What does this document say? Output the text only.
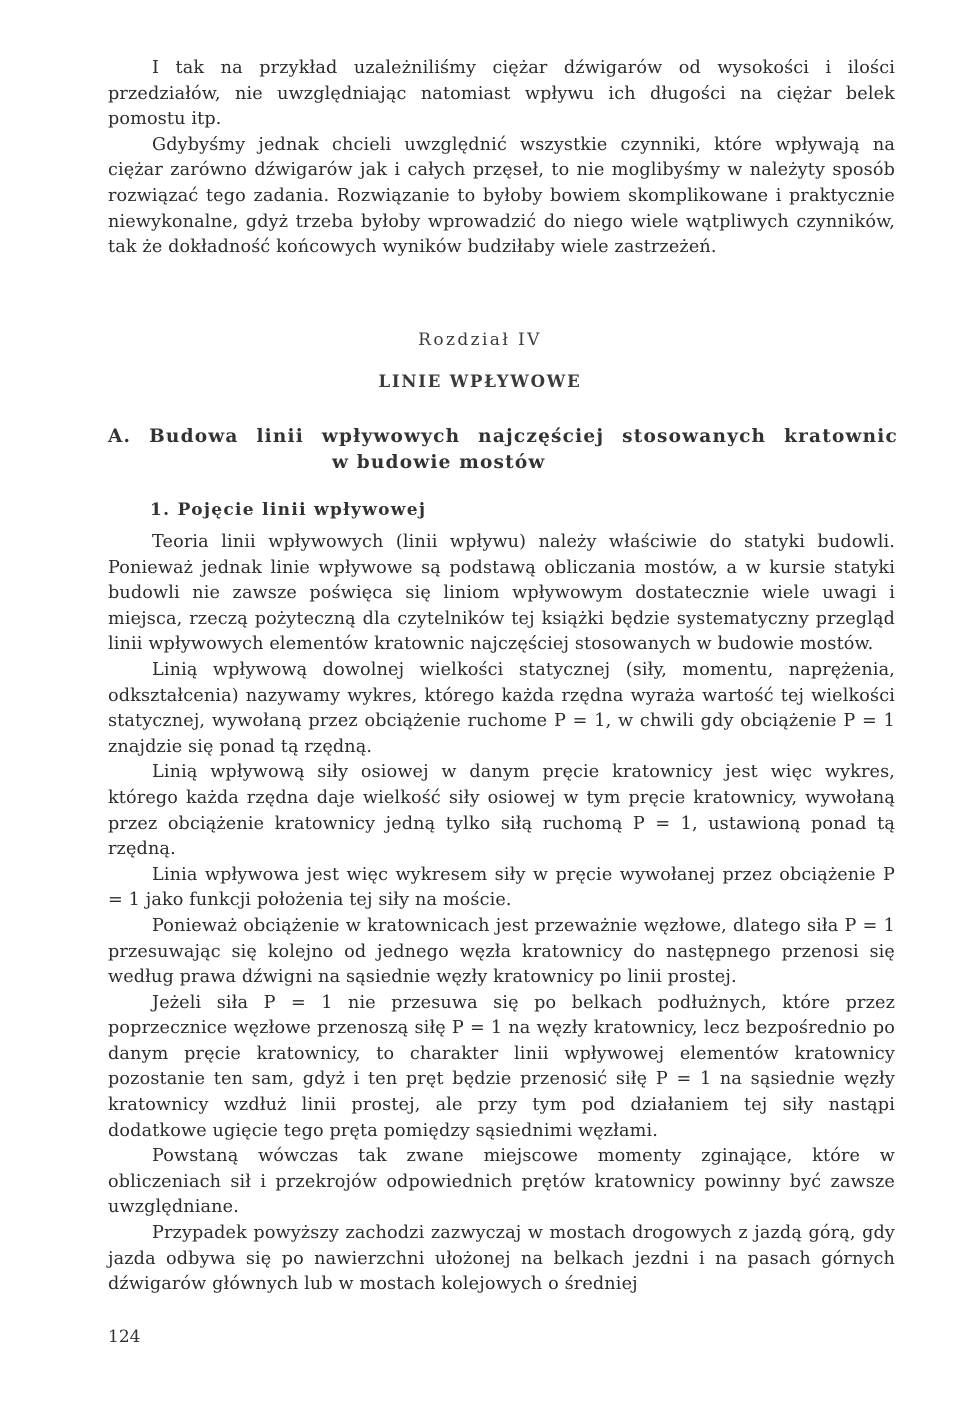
I tak na przykład uzależniliśmy ciężar dźwigarów od wysokości i ilości przedziałów, nie uwzględniając natomiast wpływu ich długości na ciężar belek pomostu itp.

Gdybyśmy jednak chcieli uwzględnić wszystkie czynniki, które wpływają na ciężar zarówno dźwigarów jak i całych przęseł, to nie moglibyśmy w należyty sposób rozwiązać tego zadania. Rozwiązanie to byłoby bowiem skomplikowane i praktycznie niewykonalne, gdyż trzeba byłoby wprowadzić do niego wiele wątpliwych czynników, tak że dokładność końcowych wyników budziłaby wiele zastrzeżeń.

Rozdział IV
LINIE WPŁYWOWE
A. Budowa linii wpływowych najczęściej stosowanych kratownic
w budowie mostów
1. Pojęcie linii wpływowej

Teoria linii wpływowych (linii wpływu) należy właściwie do statyki budowli. Ponieważ jednak linie wpływowe są podstawą obliczania mostów, a w kursie statyki budowli nie zawsze poświęca się liniom wpływowym dostatecznie wiele uwagi i miejsca, rzeczą pożyteczną dla czytelników tej książki będzie systematyczny przegląd linii wpływowych elementów kratownic najczęściej stosowanych w budowie mostów.

Linią wpływową dowolnej wielkości statycznej (siły, momentu, naprężenia, odkształcenia) nazywamy wykres, którego każda rzędna wyraża wartość tej wielkości statycznej, wywołaną przez obciążenie ruchome P = 1, w chwili gdy obciążenie P = 1 znajdzie się ponad tą rzędną.

Linią wpływową siły osiowej w danym pręcie kratownicy jest więc wykres, którego każda rzędna daje wielkość siły osiowej w tym pręcie kratownicy, wywołaną przez obciążenie kratownicy jedną tylko siłą ruchomą P = 1, ustawioną ponad tą rzędną.

Linia wpływowa jest więc wykresem siły w pręcie wywołanej przez obciążenie P = 1 jako funkcji położenia tej siły na moście.

Ponieważ obciążenie w kratownicach jest przeważnie węzłowe, dlatego siła P = 1 przesuwając się kolejno od jednego węzła kratownicy do następnego przenosi się według prawa dźwigni na sąsiednie węzły kratownicy po linii prostej.

Jeżeli siła P = 1 nie przesuwa się po belkach podłużnych, które przez poprzecznice węzłowe przenoszą siłę P = 1 na węzły kratownicy, lecz bezpośrednio po danym pręcie kratownicy, to charakter linii wpływowej elementów kratownicy pozostanie ten sam, gdyż i ten pręt będzie przenosić siłę P = 1 na sąsiednie węzły kratownicy wzdłuż linii prostej, ale przy tym pod działaniem tej siły nastąpi dodatkowe ugięcie tego pręta pomiędzy sąsiednimi węzłami.

Powstaną wówczas tak zwane miejscowe momenty zginające, które w obliczeniach sił i przekrojów odpowiednich prętów kratownicy powinny być zawsze uwzględniane.

Przypadek powyższy zachodzi zazwyczaj w mostach drogowych z jazdą górą, gdy jazda odbywa się po nawierzchni ułożonej na belkach jezdni i na pasach górnych dźwigarów głównych lub w mostach kolejowych o średniej

124
